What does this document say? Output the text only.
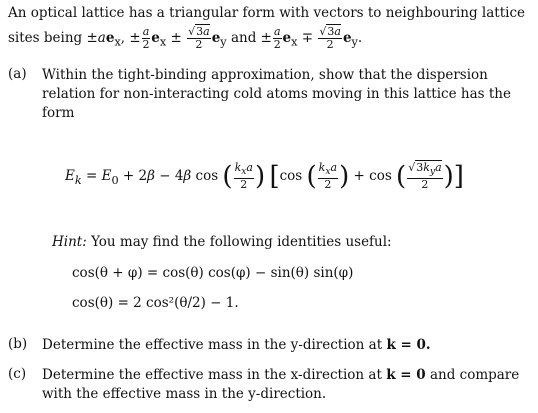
An optical lattice has a triangular form with vectors to neighbouring lattice
sites being $\pm ae_x$, ± $\frac{a}{2} e_x \pm \frac{√3a}{2} e_y$ and ± $\frac{a}{2} e_x \mp \frac{√3a}{2} e_y$.
(a) Within the tight-binding approximation, show that the dispersion
relation for non-interacting cold atoms moving in this lattice has the
form
$E_k = E_0 + 2\beta - 4\beta$ cos ( $\frac{k_xa}{2}$ ) [cos ( $\frac{k_xa}{2}$ ) + cos ( $\frac{√3k_ya}{2}$ )]
Hint: You may find the following identities useful:
cos(θ + φ) = cos(θ) cos(φ) − sin(θ) sin(φ)
cos(θ) = 2 cos²(θ/2) − 1.
(b) Determine the effective mass in the y-direction at k = 0.
(c) Determine the effective mass in the x-direction at k = 0 and compare
with the effective mass in the y-direction.
